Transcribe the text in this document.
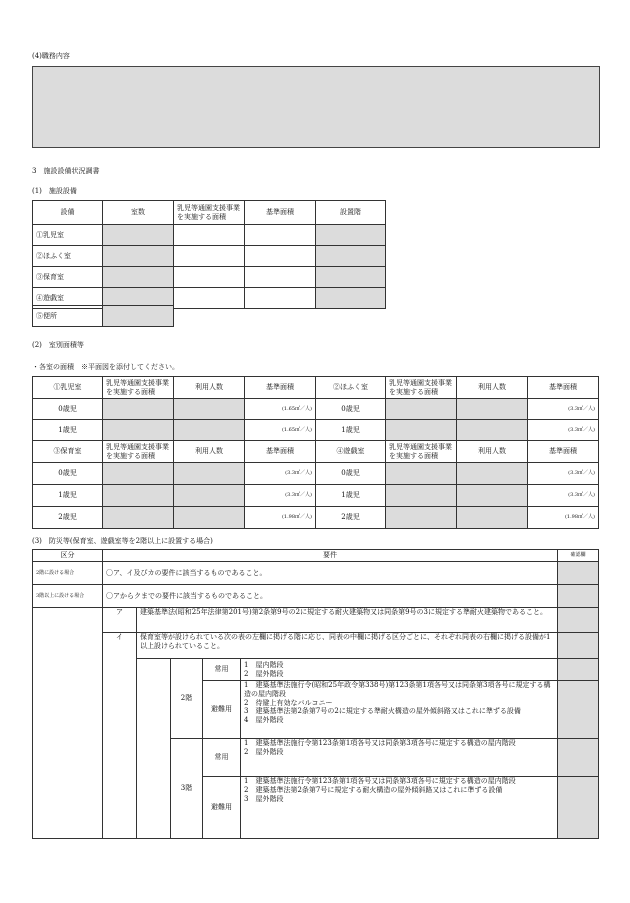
(4)職務内容
3　施設設備状況調書
(1)　施設設備
設備	室数	乳児等通園支援事業を実施する面積	基準面積	設置階
①乳児室				
②ほふく室				
③保育室				
④遊戯室				
⑤便所	
(2)　室別面積等
・各室の面積　※平面図を添付してください。
①乳児室	乳児等通園支援事業を実施する面積	利用人数	基準面積	②ほふく室	乳児等通園支援事業を実施する面積	利用人数	基準面積
0歳児			(1.65㎡／人)	0歳児			(3.3㎡／人)
1歳児			(1.65㎡／人)	1歳児			(3.3㎡／人)
③保育室	乳児等通園支援事業を実施する面積	利用人数	基準面積	④遊戯室	乳児等通園支援事業を実施する面積	利用人数	基準面積
0歳児			(3.3㎡／人)	0歳児			(3.3㎡／人)
1歳児			(3.3㎡／人)	1歳児			(3.3㎡／人)
2歳児			(1.98㎡／人)	2歳児			(1.98㎡／人)
(3)　防災等(保育室、遊戯室等を2階以上に設置する場合)
区分	要件					確認欄
2階に設ける場合	〇ア、イ及びカの要件に該当するものであること。					
3階以上に設ける場合	〇アからクまでの要件に該当するものであること。					
	ア	建築基準法(昭和25年法律第201号)第2条第9号の2に規定する耐火建築物又は同条第9号の3に規定する準耐火建築物であること。				
	イ	保育室等が設けられている次の表の左欄に掲げる階に応じ、同表の中欄に掲げる区分ごとに、それぞれ同表の右欄に掲げる設備が1以上設けられていること。				
			2階	常用	1　屋内階段
2　屋外階段	

				避難用	1　建築基準法施行令(昭和25年政令第338号)第123条第1項各号又は同条第3項各号に規定する構造の屋内階段
2　待避上有効なバルコニー
3　建築基準法第2条第7号の2に規定する準耐火構造の屋外傾斜路又はこれに準ずる設備
4　屋外階段	

			3階	常用	1　建築基準法施行令第123条第1項各号又は同条第3項各号に規定する構造の屋内階段
2　屋外階段	

				避難用	1　建築基準法施行令第123条第1項各号又は同条第3項各号に規定する構造の屋内階段
2　建築基準法第2条第7号に規定する耐火構造の屋外傾斜路又はこれに準ずる設備
3　屋外階段	
